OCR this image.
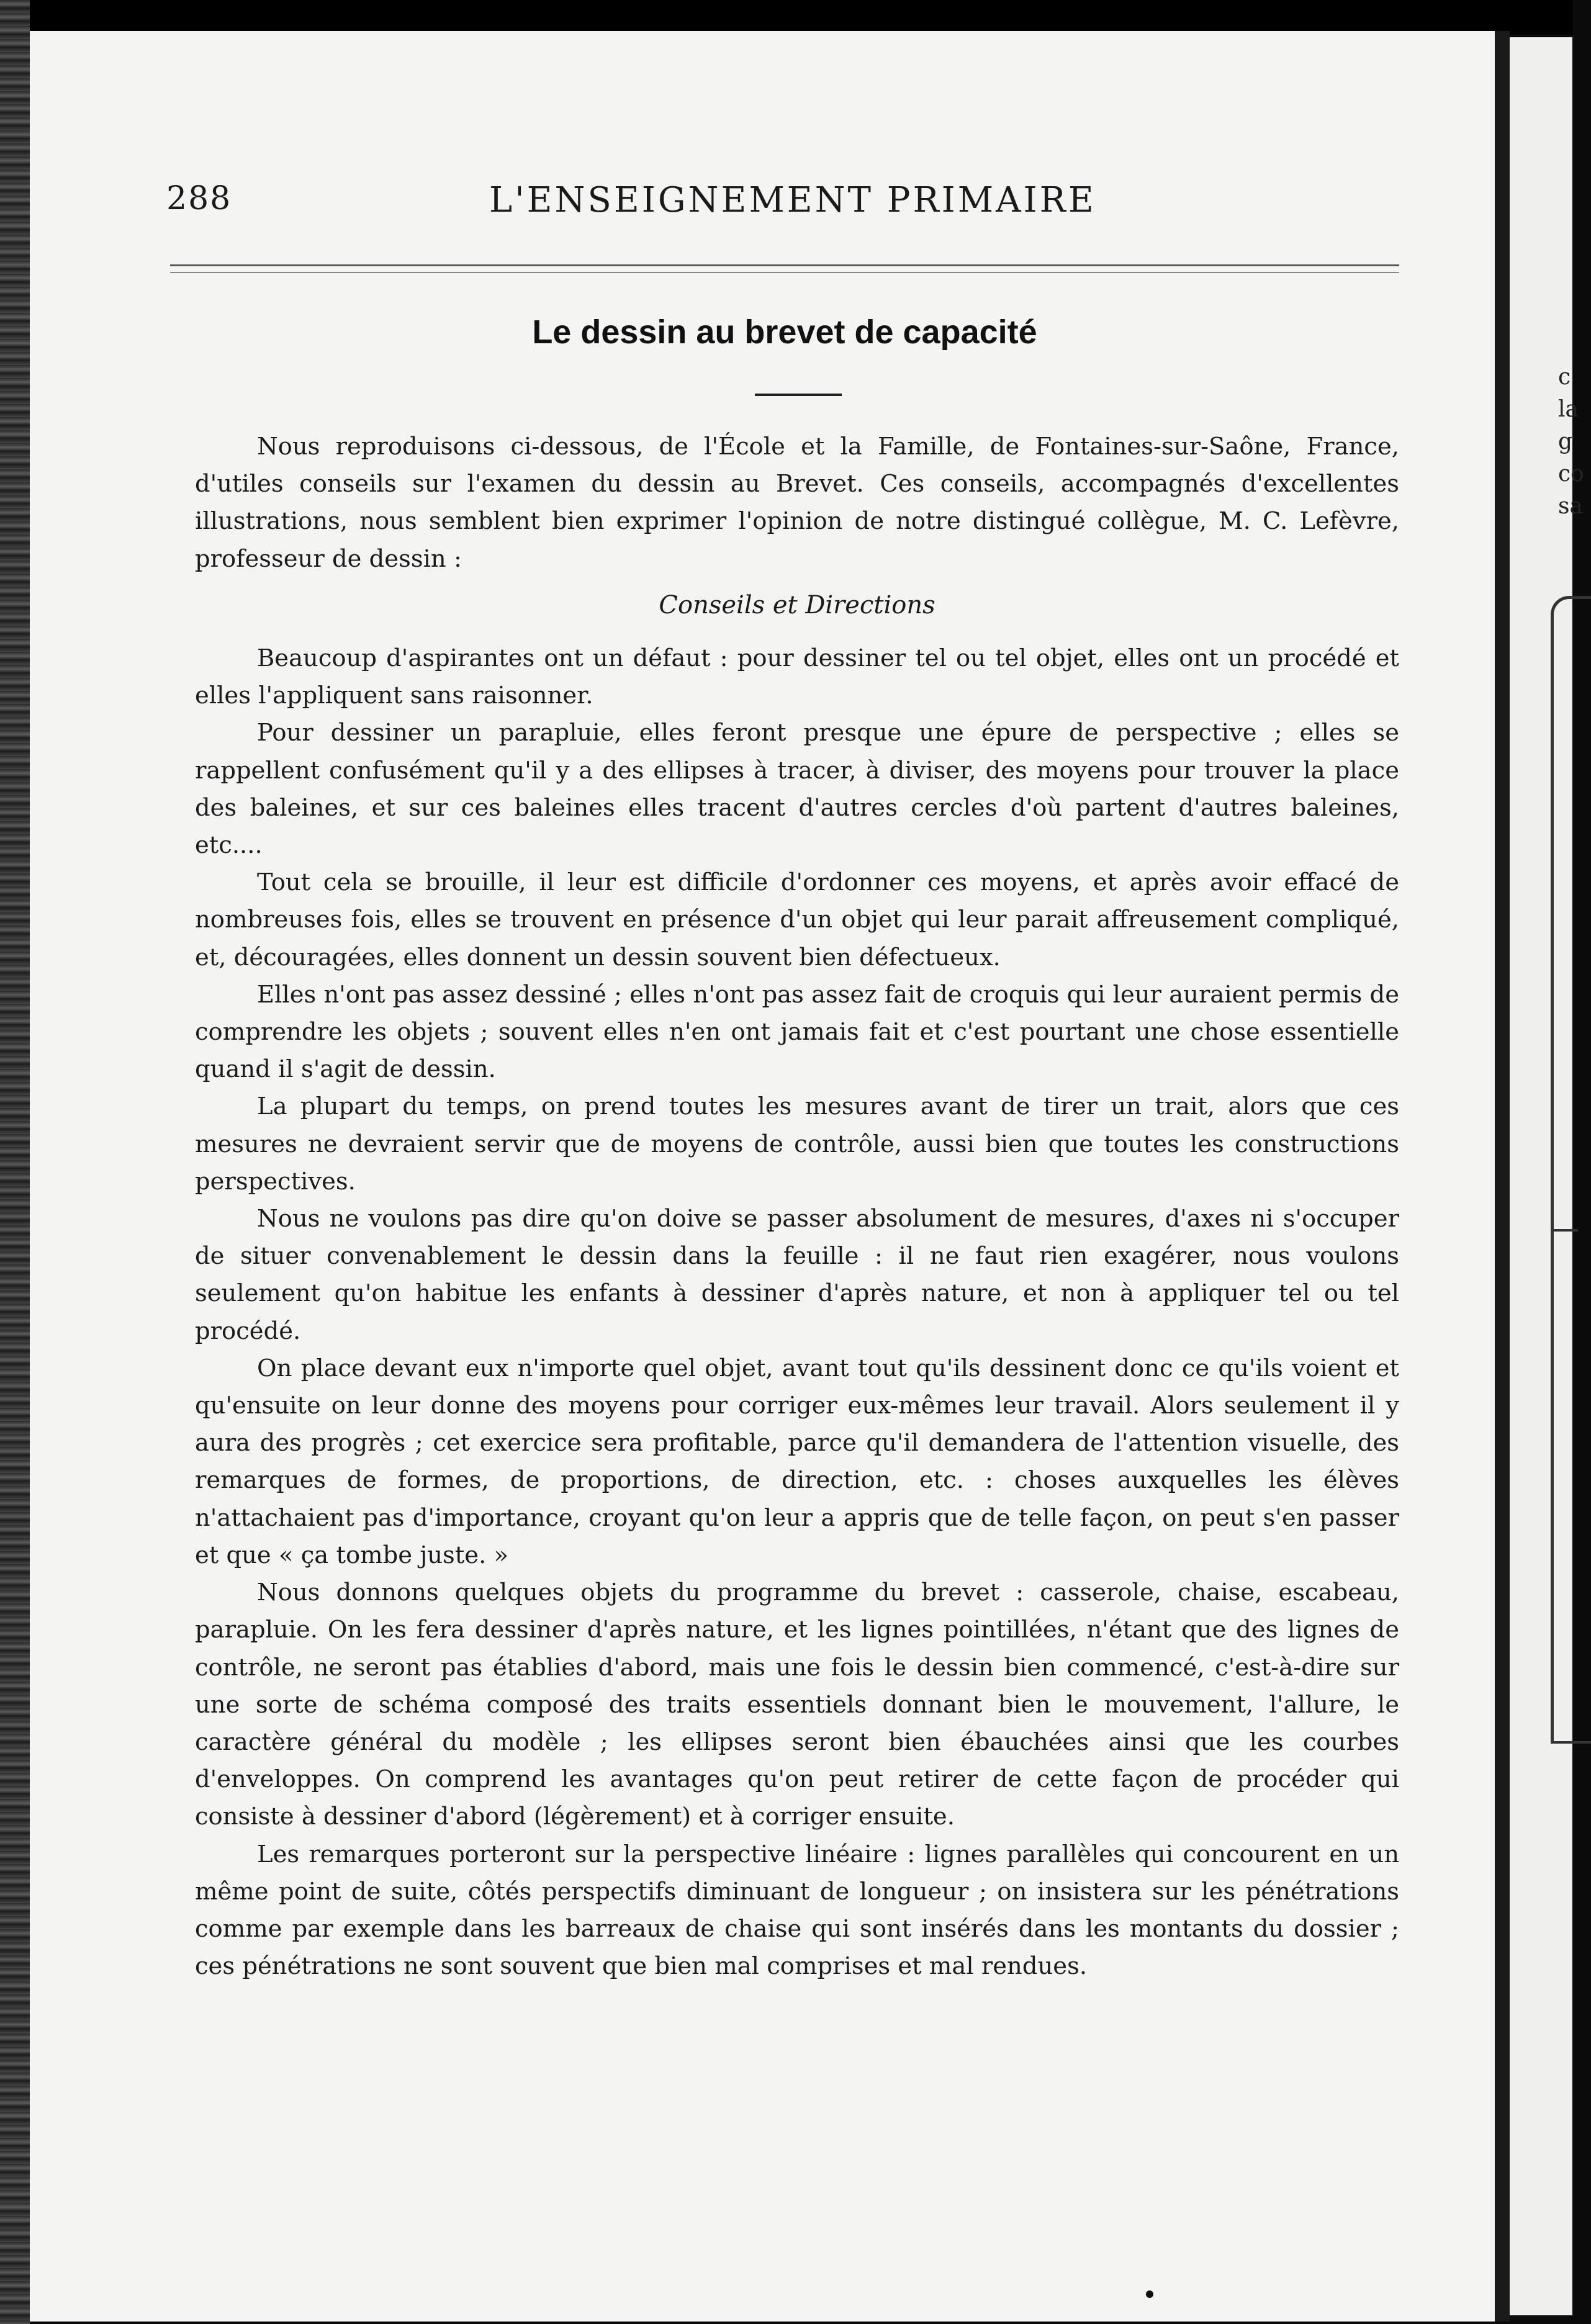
288	L'ENSEIGNEMENT PRIMAIRE
Le dessin au brevet de capacité

Nous reproduisons ci-dessous, de l'École et la Famille, de Fontaines-sur-Saône, France, d'utiles conseils sur l'examen du dessin au Brevet. Ces conseils, accompagnés d'excellentes illustrations, nous semblent bien exprimer l'opinion de notre distingué collègue, M. C. Lefèvre, professeur de dessin :

Conseils et Directions

Beaucoup d'aspirantes ont un défaut : pour dessiner tel ou tel objet, elles ont un procédé et elles l'appliquent sans raisonner.

Pour dessiner un parapluie, elles feront presque une épure de perspective ; elles se rappellent confusément qu'il y a des ellipses à tracer, à diviser, des moyens pour trouver la place des baleines, et sur ces baleines elles tracent d'autres cercles d'où partent d'autres baleines, etc....

Tout cela se brouille, il leur est difficile d'ordonner ces moyens, et après avoir effacé de nombreuses fois, elles se trouvent en présence d'un objet qui leur parait affreusement compliqué, et, découragées, elles donnent un dessin souvent bien défectueux.

Elles n'ont pas assez dessiné ; elles n'ont pas assez fait de croquis qui leur auraient permis de comprendre les objets ; souvent elles n'en ont jamais fait et c'est pourtant une chose essentielle quand il s'agit de dessin.

La plupart du temps, on prend toutes les mesures avant de tirer un trait, alors que ces mesures ne devraient servir que de moyens de contrôle, aussi bien que toutes les constructions perspectives.

Nous ne voulons pas dire qu'on doive se passer absolument de mesures, d'axes ni s'occuper de situer convenablement le dessin dans la feuille : il ne faut rien exagérer, nous voulons seulement qu'on habitue les enfants à dessiner d'après nature, et non à appliquer tel ou tel procédé.

On place devant eux n'importe quel objet, avant tout qu'ils dessinent donc ce qu'ils voient et qu'ensuite on leur donne des moyens pour corriger eux-mêmes leur travail. Alors seulement il y aura des progrès ; cet exercice sera profitable, parce qu'il demandera de l'attention visuelle, des remarques de formes, de proportions, de direction, etc. : choses auxquelles les élèves n'attachaient pas d'importance, croyant qu'on leur a appris que de telle façon, on peut s'en passer et que « ça tombe juste. »

Nous donnons quelques objets du programme du brevet : casserole, chaise, escabeau, parapluie. On les fera dessiner d'après nature, et les lignes pointillées, n'étant que des lignes de contrôle, ne seront pas établies d'abord, mais une fois le dessin bien commencé, c'est-à-dire sur une sorte de schéma composé des traits essentiels donnant bien le mouvement, l'allure, le caractère général du modèle ; les ellipses seront bien ébauchées ainsi que les courbes d'enveloppes. On comprend les avantages qu'on peut retirer de cette façon de procéder qui consiste à dessiner d'abord (légèrement) et à corriger ensuite.

Les remarques porteront sur la perspective linéaire : lignes parallèles qui concourent en un même point de suite, côtés perspectifs diminuant de longueur ; on insistera sur les pénétrations comme par exemple dans les barreaux de chaise qui sont insérés dans les montants du dossier ; ces pénétrations ne sont souvent que bien mal comprises et mal rendues.

c
la
g
co
sa
